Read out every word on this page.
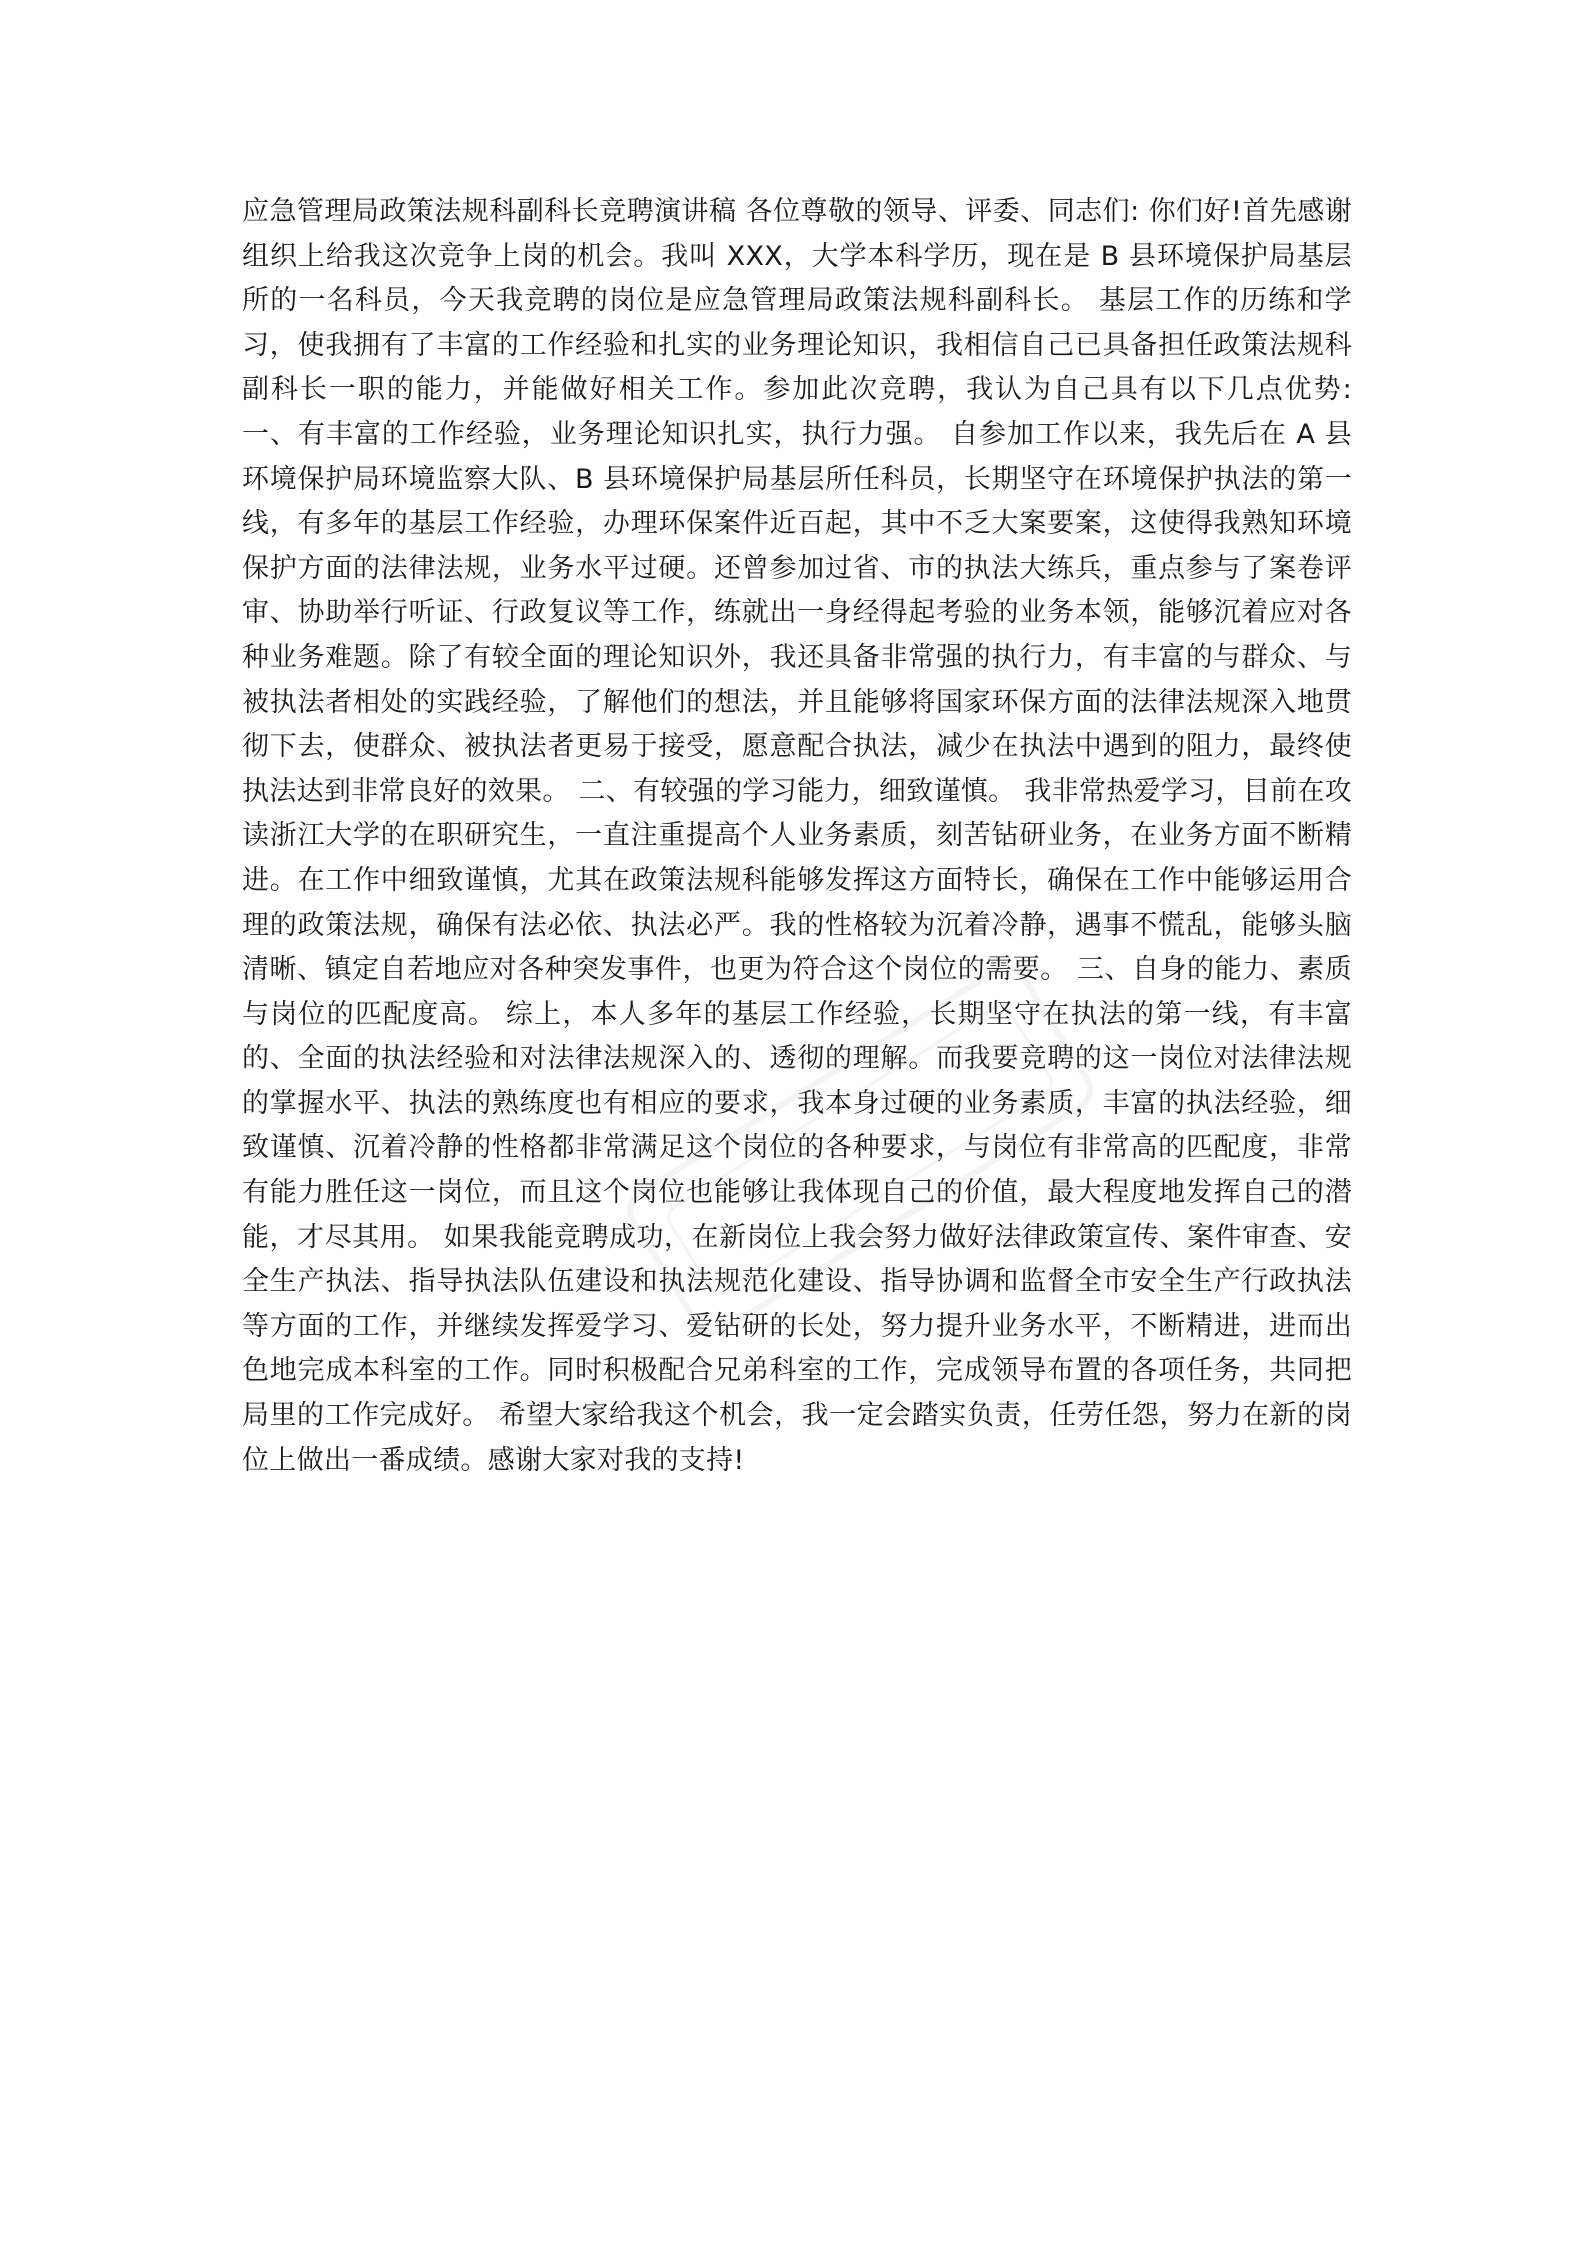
应急管理局政策法规科副科长竞聘演讲稿 各位尊敬的领导、评委、同志们: 你们好!首先感谢组织上给我这次竞争上岗的机会。我叫 XXX，大学本科学历，现在是 B 县环境保护局基层所的一名科员，今天我竞聘的岗位是应急管理局政策法规科副科长。 基层工作的历练和学习，使我拥有了丰富的工作经验和扎实的业务理论知识，我相信自己已具备担任政策法规科副科长一职的能力，并能做好相关工作。参加此次竞聘，我认为自己具有以下几点优势: 一、有丰富的工作经验，业务理论知识扎实，执行力强。 自参加工作以来，我先后在 A 县环境保护局环境监察大队、B 县环境保护局基层所任科员，长期坚守在环境保护执法的第一线，有多年的基层工作经验，办理环保案件近百起，其中不乏大案要案，这使得我熟知环境保护方面的法律法规，业务水平过硬。还曾参加过省、市的执法大练兵，重点参与了案卷评审、协助举行听证、行政复议等工作，练就出一身经得起考验的业务本领，能够沉着应对各种业务难题。除了有较全面的理论知识外，我还具备非常强的执行力，有丰富的与群众、与被执法者相处的实践经验，了解他们的想法，并且能够将国家环保方面的法律法规深入地贯彻下去，使群众、被执法者更易于接受，愿意配合执法，减少在执法中遇到的阻力，最终使执法达到非常良好的效果。 二、有较强的学习能力，细致谨慎。 我非常热爱学习，目前在攻读浙江大学的在职研究生，一直注重提高个人业务素质，刻苦钻研业务，在业务方面不断精进。在工作中细致谨慎，尤其在政策法规科能够发挥这方面特长，确保在工作中能够运用合理的政策法规，确保有法必依、执法必严。我的性格较为沉着冷静，遇事不慌乱，能够头脑清晰、镇定自若地应对各种突发事件，也更为符合这个岗位的需要。 三、自身的能力、素质与岗位的匹配度高。 综上，本人多年的基层工作经验，长期坚守在执法的第一线，有丰富的、全面的执法经验和对法律法规深入的、透彻的理解。而我要竞聘的这一岗位对法律法规的掌握水平、执法的熟练度也有相应的要求，我本身过硬的业务素质，丰富的执法经验，细致谨慎、沉着冷静的性格都非常满足这个岗位的各种要求，与岗位有非常高的匹配度，非常有能力胜任这一岗位，而且这个岗位也能够让我体现自己的价值，最大程度地发挥自己的潜能，才尽其用。 如果我能竞聘成功，在新岗位上我会努力做好法律政策宣传、案件审查、安全生产执法、指导执法队伍建设和执法规范化建设、指导协调和监督全市安全生产行政执法等方面的工作，并继续发挥爱学习、爱钻研的长处，努力提升业务水平，不断精进，进而出色地完成本科室的工作。同时积极配合兄弟科室的工作，完成领导布置的各项任务，共同把局里的工作完成好。 希望大家给我这个机会，我一定会踏实负责，任劳任怨，努力在新的岗位上做出一番成绩。感谢大家对我的支持!
